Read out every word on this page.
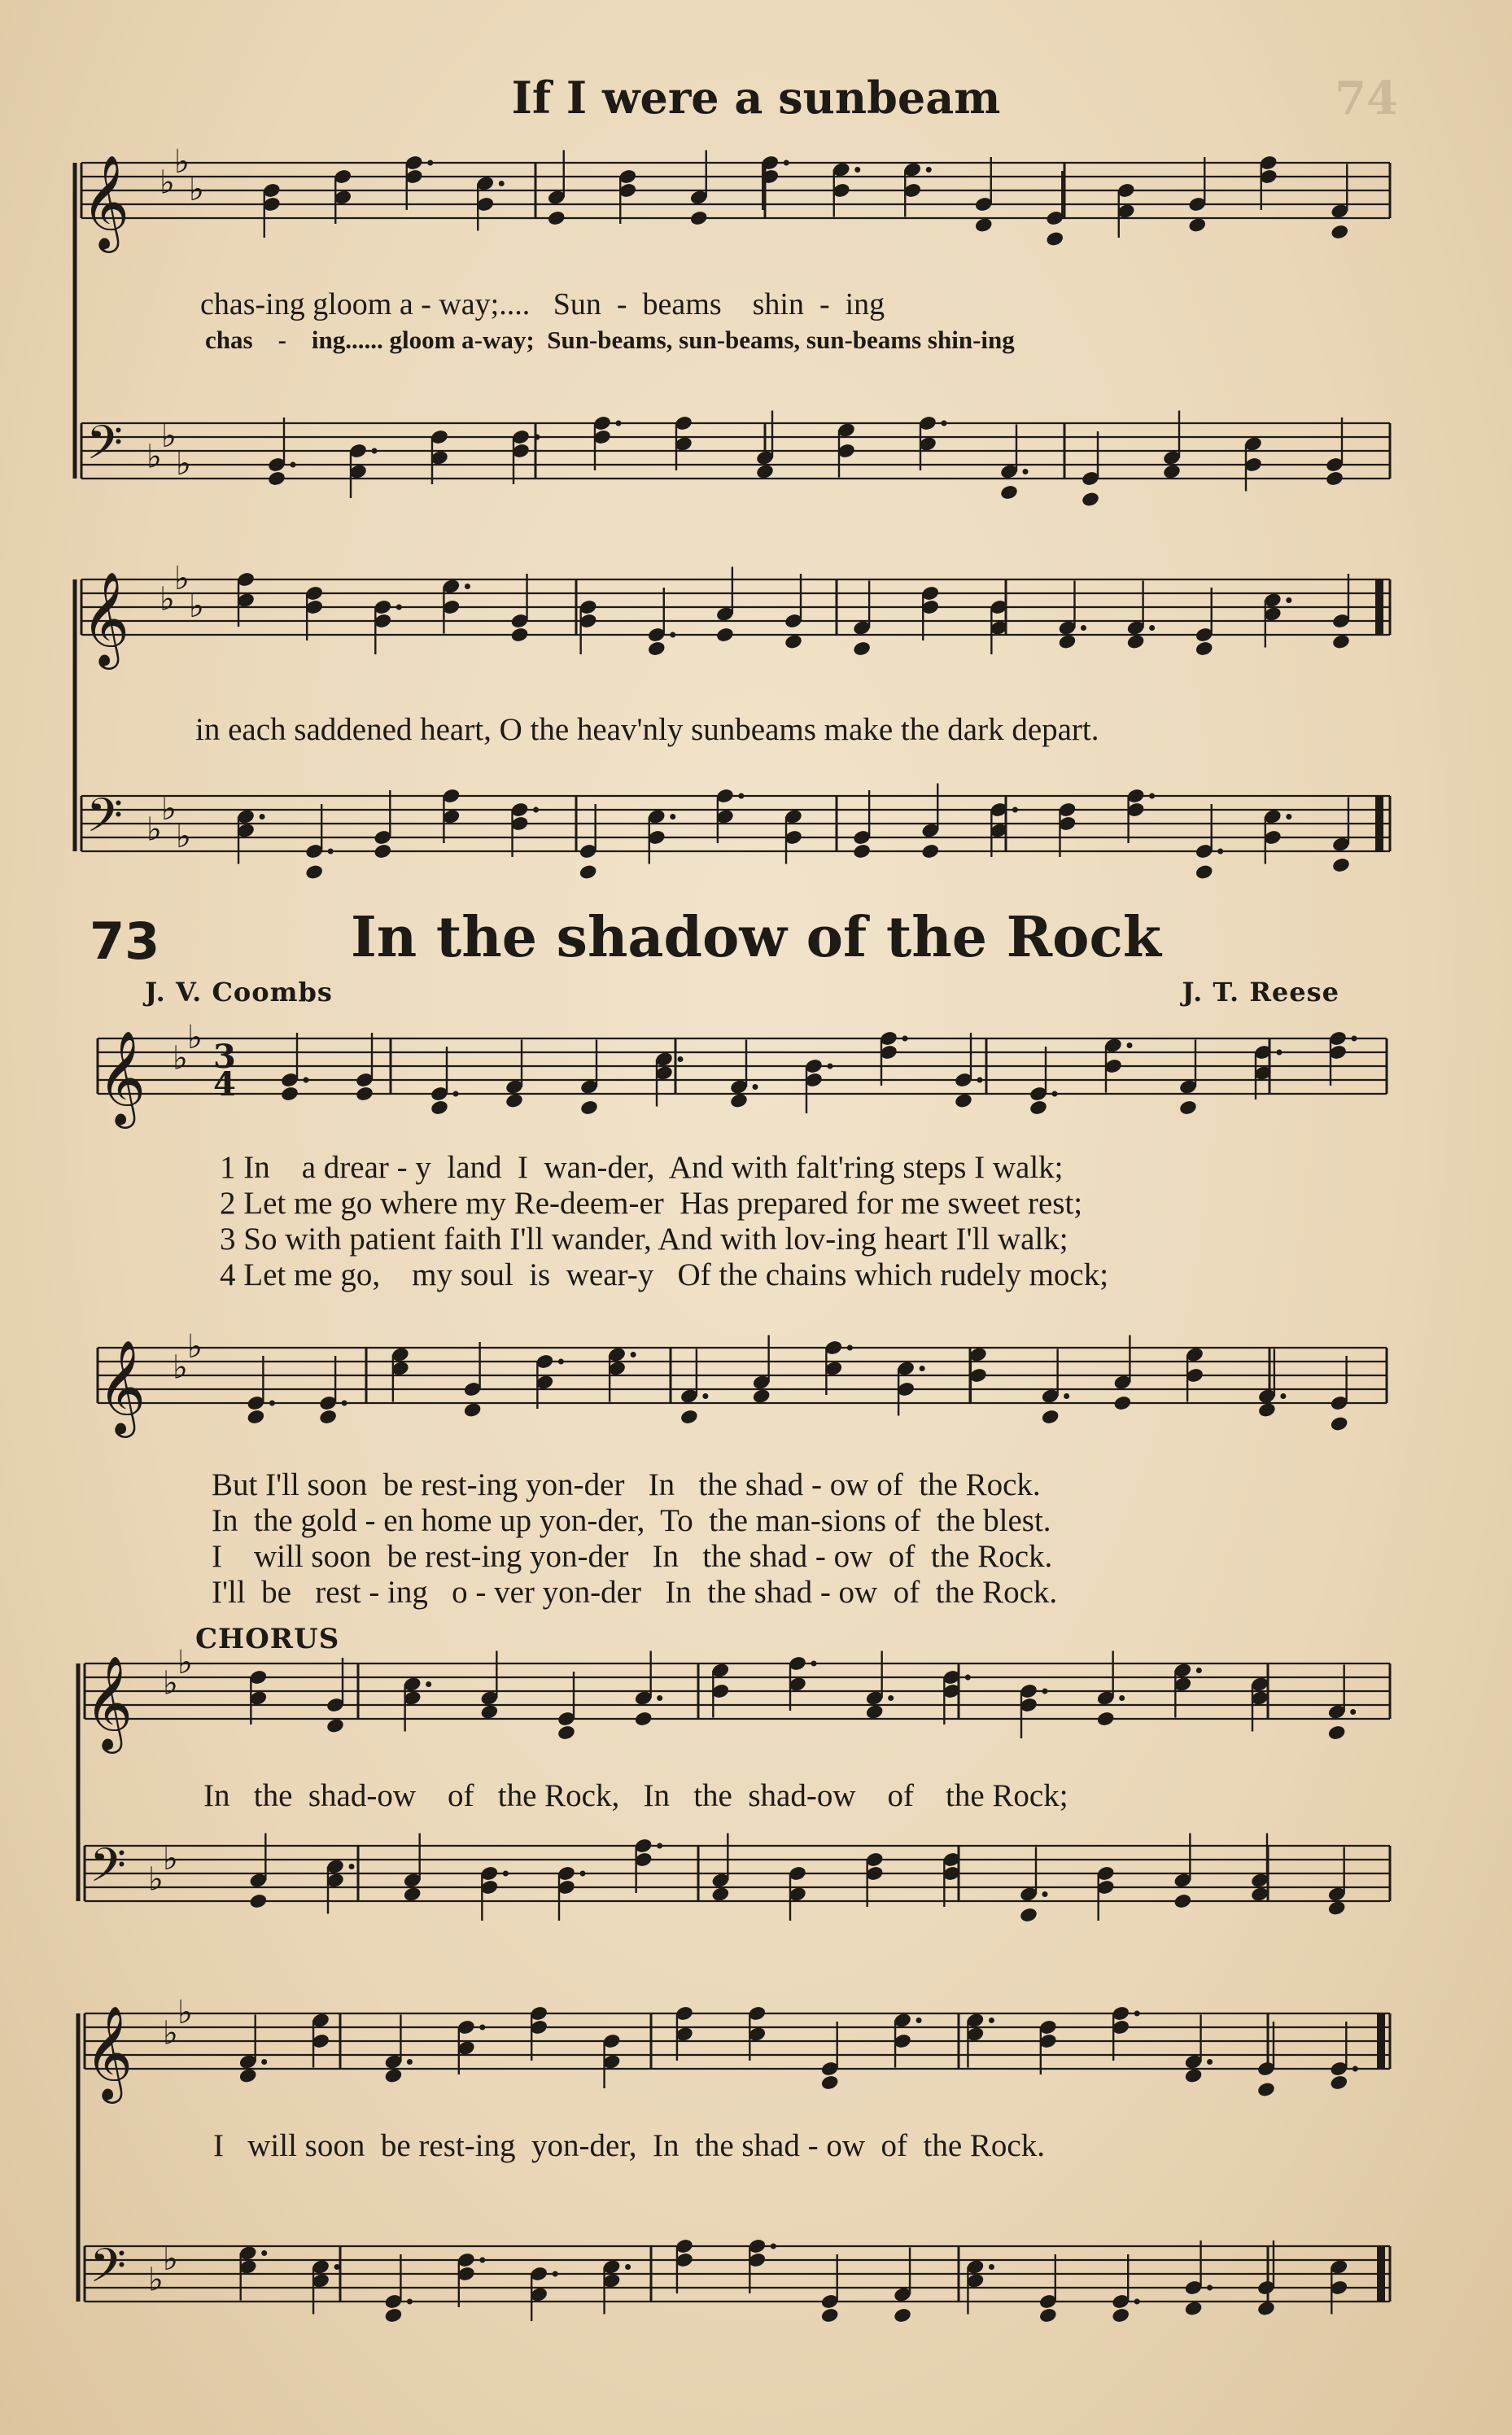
74
If I were a sunbeam
𝄞 ♭
♭
♭
𝄢 ♭
♭
♭
𝄞 ♭
♭
♭
𝄢 ♭
♭
♭
𝄞 ♭
♭ 3
4
𝄞 ♭
♭
𝄞 ♭
♭
𝄢 ♭
♭
𝄞 ♭
♭
𝄢 ♭
♭
chas-ing gloom a - way;....   Sun  -  beams    shin  -  ing
chas    -    ing...... gloom a-way;  Sun-beams, sun-beams, sun-beams shin-ing
in each saddened heart, O the heav'nly sunbeams make the dark depart.
73	In the shadow of the Rock
J. V. Coombs	J. T. Reese
1 In    a drear - y  land  I  wan-der,  And with falt'ring steps I walk;
2 Let me go where my Re-deem-er  Has prepared for me sweet rest;
3 So with patient faith I'll wander, And with lov-ing heart I'll walk;
4 Let me go,    my soul  is  wear-y   Of the chains which rudely mock;
But I'll soon  be rest-ing yon-der   In   the shad - ow of  the Rock.
In  the gold - en home up yon-der,  To  the man-sions of  the blest.
I    will soon  be rest-ing yon-der   In   the shad - ow  of  the Rock.
I'll  be   rest - ing   o - ver yon-der   In  the shad - ow  of  the Rock.
CHORUS
In   the  shad-ow    of   the Rock,   In   the  shad-ow    of    the Rock;
I   will soon  be rest-ing  yon-der,  In  the shad - ow  of  the Rock.
